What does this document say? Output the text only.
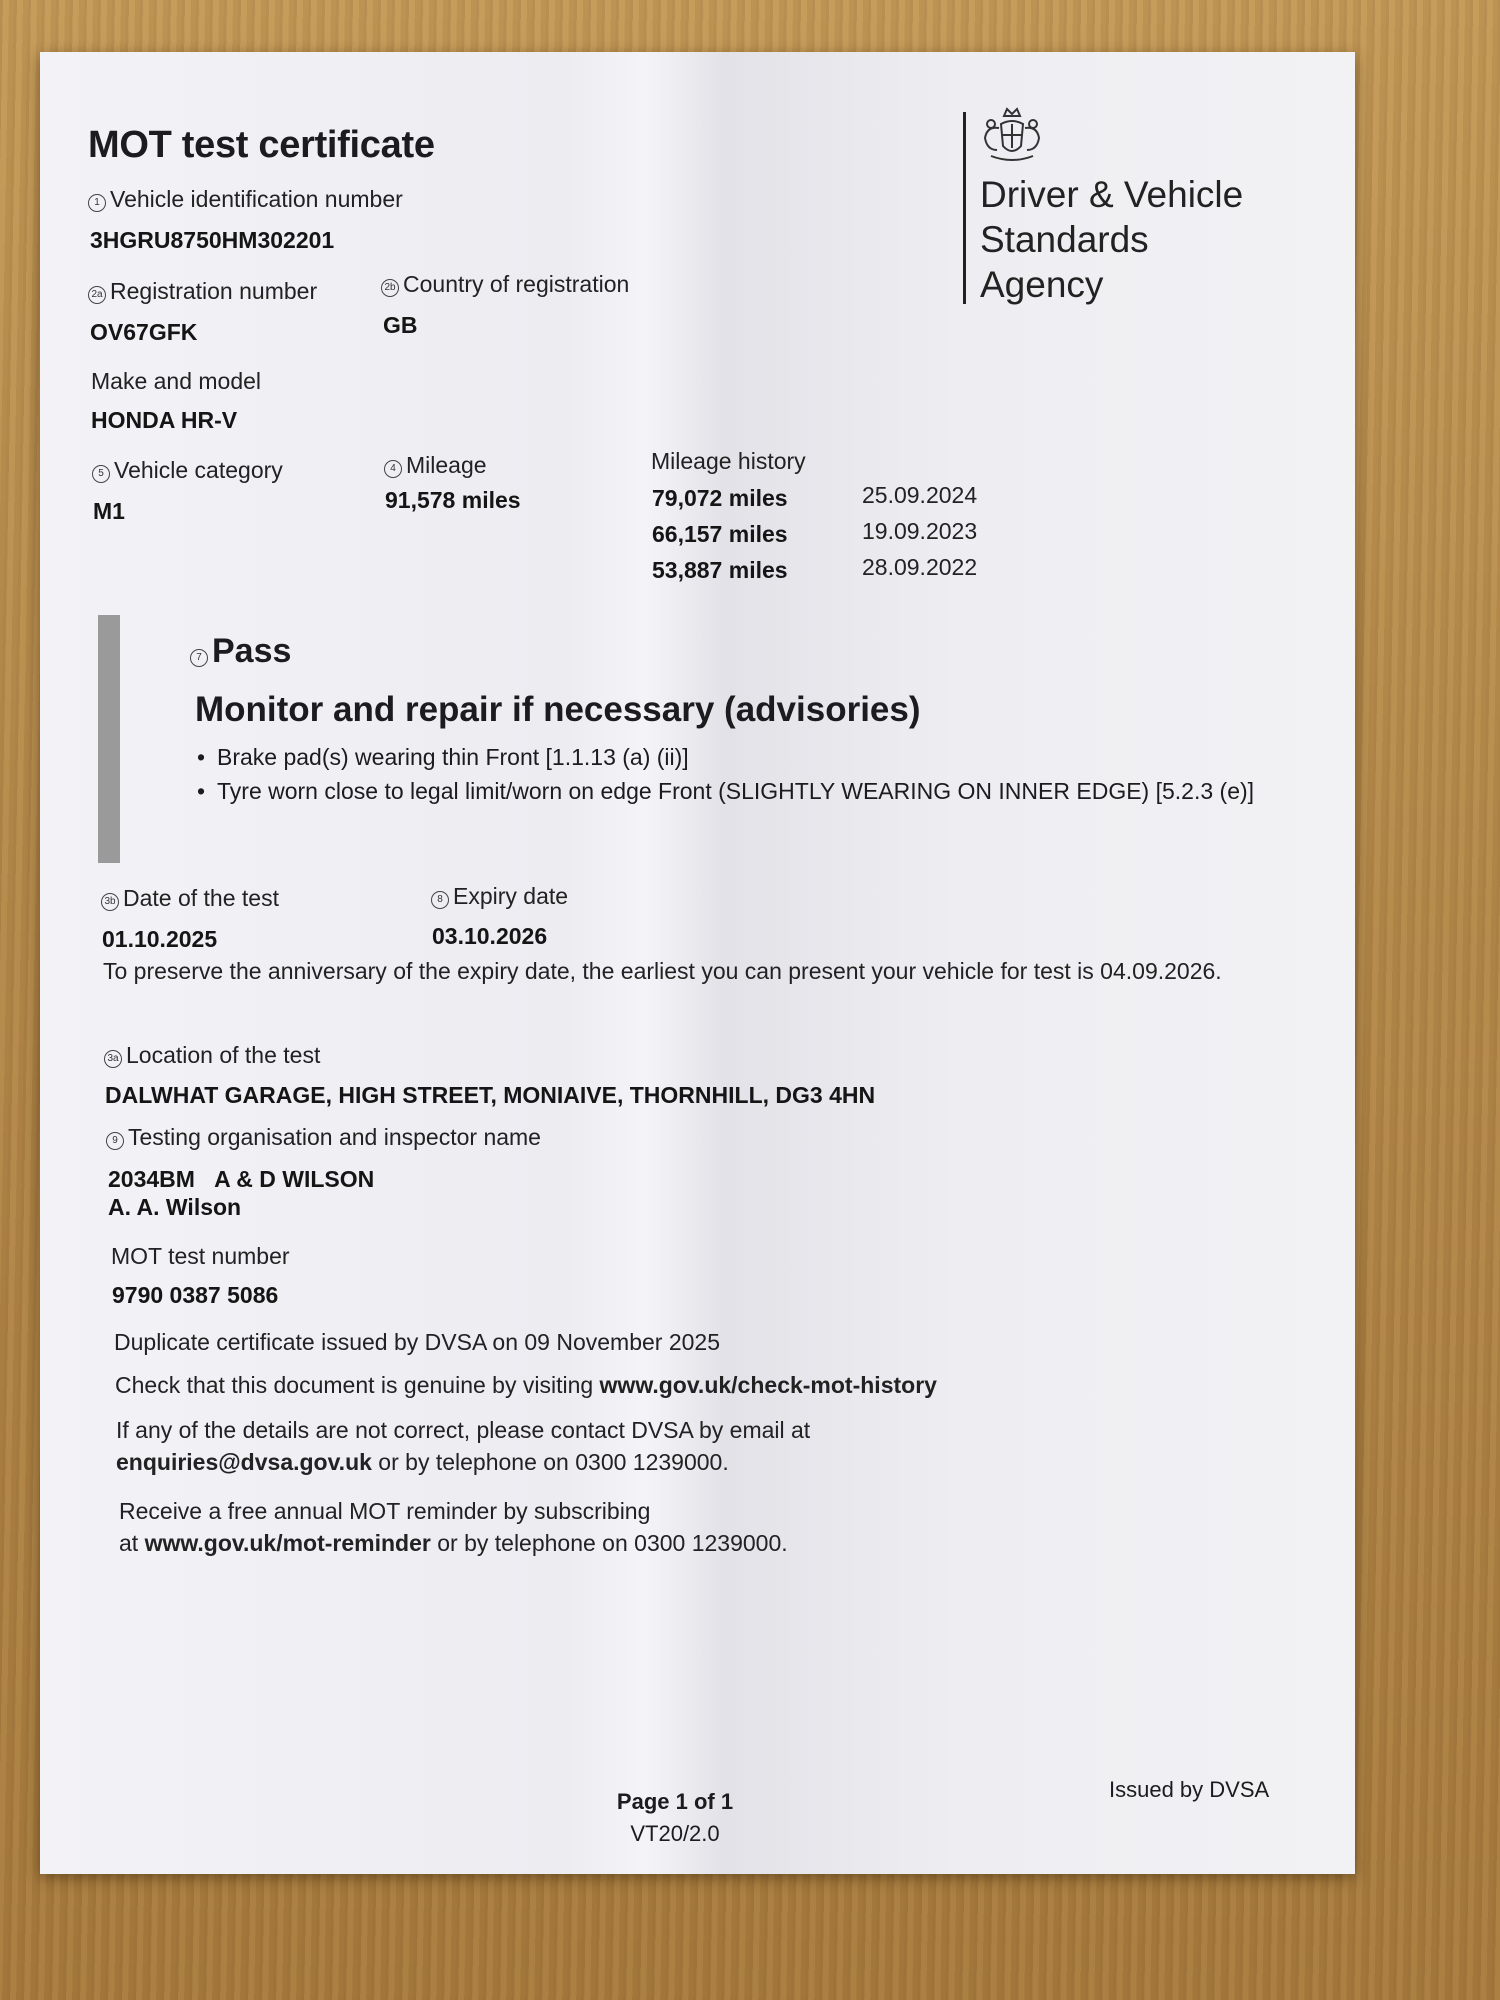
MOT test certificate
Driver & Vehicle
Standards
Agency
1 Vehicle identification number
3HGRU8750HM302201
2a Registration number
OV67GFK
2b Country of registration
GB
Make and model
HONDA HR-V
5 Vehicle category
M1
4 Mileage
91,578 miles
Mileage history
79,072 miles	25.09.2024
66,157 miles	19.09.2023
53,887 miles	28.09.2022
7 Pass
Monitor and repair if necessary (advisories)
• Brake pad(s) wearing thin Front [1.1.13 (a) (ii)]
• Tyre worn close to legal limit/worn on edge Front (SLIGHTLY WEARING ON INNER EDGE) [5.2.3 (e)]
3b Date of the test
01.10.2025
8 Expiry date
03.10.2026
To preserve the anniversary of the expiry date, the earliest you can present your vehicle for test is 04.09.2026.
3a Location of the test
DALWHAT GARAGE, HIGH STREET, MONIAIVE, THORNHILL, DG3 4HN
9 Testing organisation and inspector name
2034BM A & D WILSON
A. A. Wilson
MOT test number
9790 0387 5086
Duplicate certificate issued by DVSA on 09 November 2025
Check that this document is genuine by visiting www.gov.uk/check-mot-history
If any of the details are not correct, please contact DVSA by email at
enquiries@dvsa.gov.uk or by telephone on 0300 1239000.
Receive a free annual MOT reminder by subscribing
at www.gov.uk/mot-reminder or by telephone on 0300 1239000.
Page 1 of 1
VT20/2.0
Issued by DVSA
